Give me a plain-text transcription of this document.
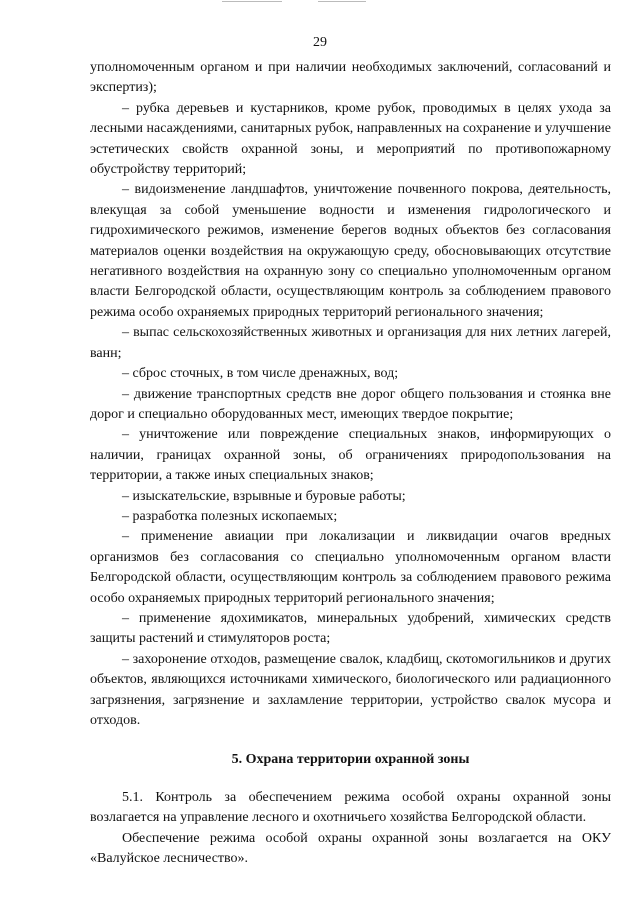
29

уполномоченным органом и при наличии необходимых заключений, согласований и экспертиз);

– рубка деревьев и кустарников, кроме рубок, проводимых в целях ухода за лесными насаждениями, санитарных рубок, направленных на сохранение и улучшение эстетических свойств охранной зоны, и мероприятий по противопожарному обустройству территорий;

– видоизменение ландшафтов, уничтожение почвенного покрова, деятельность, влекущая за собой уменьшение водности и изменения гидрологического и гидрохимического режимов, изменение берегов водных объектов без согласования материалов оценки воздействия на окружающую среду, обосновывающих отсутствие негативного воздействия на охранную зону со специально уполномоченным органом власти Белгородской области, осуществляющим контроль за соблюдением правового режима особо охраняемых природных территорий регионального значения;

– выпас сельскохозяйственных животных и организация для них летних лагерей, ванн;

– сброс сточных, в том числе дренажных, вод;

– движение транспортных средств вне дорог общего пользования и стоянка вне дорог и специально оборудованных мест, имеющих твердое покрытие;

– уничтожение или повреждение специальных знаков, информирующих о наличии, границах охранной зоны, об ограничениях природопользования на территории, а также иных специальных знаков;

– изыскательские, взрывные и буровые работы;

– разработка полезных ископаемых;

– применение авиации при локализации и ликвидации очагов вредных организмов без согласования со специально уполномоченным органом власти Белгородской области, осуществляющим контроль за соблюдением правового режима особо охраняемых природных территорий регионального значения;

– применение ядохимикатов, минеральных удобрений, химических средств защиты растений и стимуляторов роста;

– захоронение отходов, размещение свалок, кладбищ, скотомогильников и других объектов, являющихся источниками химического, биологического или радиационного загрязнения, загрязнение и захламление территории, устройство свалок мусора и отходов.

5. Охрана территории охранной зоны

5.1. Контроль за обеспечением режима особой охраны охранной зоны возлагается на управление лесного и охотничьего хозяйства Белгородской области.

Обеспечение режима особой охраны охранной зоны возлагается на ОКУ «Валуйское лесничество».
